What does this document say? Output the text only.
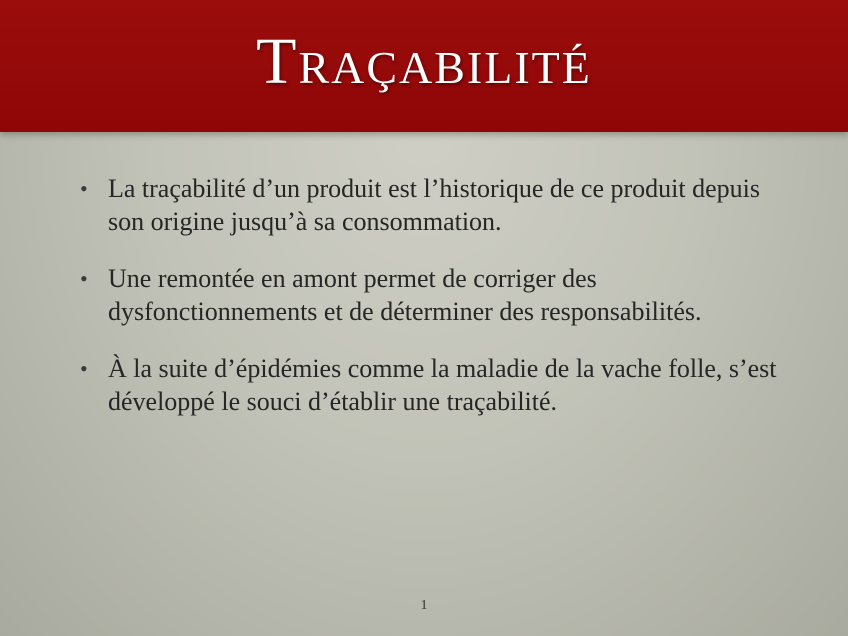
Traçabilité
• La traçabilité d’un produit est l’historique de ce produit depuis son origine jusqu’à sa consommation.
• Une remontée en amont permet de corriger des dysfonctionnements et de déterminer des responsabilités.
• À la suite d’épidémies comme la maladie de la vache folle, s’est développé le souci d’établir une traçabilité.
1
